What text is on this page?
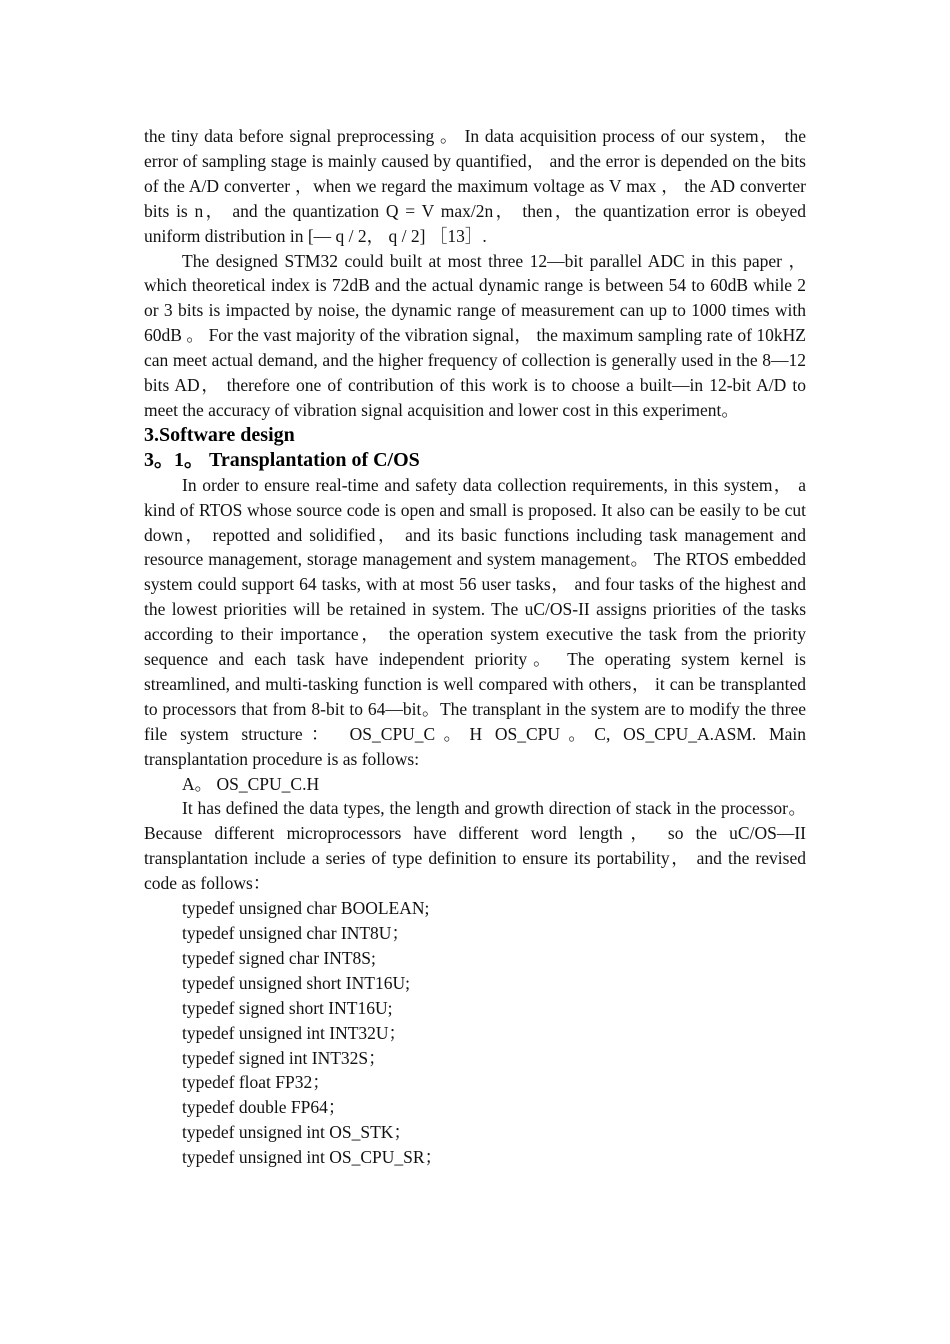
the tiny data before signal preprocessing 。 In data acquisition process of our system， the error of sampling stage is mainly caused by quantified， and the error is depended on the bits of the A/D converter ，when we regard the maximum voltage as V max ， the AD converter bits is n， and the quantization Q = V max/2n， then，the quantization error is obeyed uniform distribution in [— q / 2， q / 2] ［13］.

The designed STM32 could built at most three 12—bit parallel ADC in this paper ， which theoretical index is 72dB and the actual dynamic range is between 54 to 60dB while 2 or 3 bits is impacted by noise, the dynamic range of measurement can up to 1000 times with 60dB 。 For the vast majority of the vibration signal， the maximum sampling rate of 10kHZ can meet actual demand, and the higher frequency of collection is generally used in the 8—12 bits AD， therefore one of contribution of this work is to choose a built—in 12-bit A/D to meet the accuracy of vibration signal acquisition and lower cost in this experiment。

3.Software design
3。1。 Transplantation of C/OS

In order to ensure real-time and safety data collection requirements, in this system， a kind of RTOS whose source code is open and small is proposed. It also can be easily to be cut down， repotted and solidified， and its basic functions including task management and resource management, storage management and system management。 The RTOS embedded system could support 64 tasks, with at most 56 user tasks， and four tasks of the highest and the lowest priorities will be retained in system. The uC/OS-II assigns priorities of the tasks according to their importance， the operation system executive the task from the priority sequence and each task have independent priority。 The operating system kernel is streamlined, and multi-tasking function is well compared with others， it can be transplanted to processors that from 8-bit to 64—bit。The transplant in the system are to modify the three file system structure： OS_CPU_C。H OS_CPU。C, OS_CPU_A.ASM. Main transplantation procedure is as follows:

A。 OS_CPU_C.H

It has defined the data types, the length and growth direction of stack in the processor。 Because different microprocessors have different word length， so the uC/OS—II transplantation include a series of type definition to ensure its portability， and the revised code as follows：

typedef unsigned char BOOLEAN;
typedef unsigned char INT8U；
typedef signed char INT8S;
typedef unsigned short INT16U;
typedef signed short INT16U;
typedef unsigned int INT32U；
typedef signed int INT32S；
typedef float FP32；
typedef double FP64；
typedef unsigned int OS_STK；
typedef unsigned int OS_CPU_SR；
